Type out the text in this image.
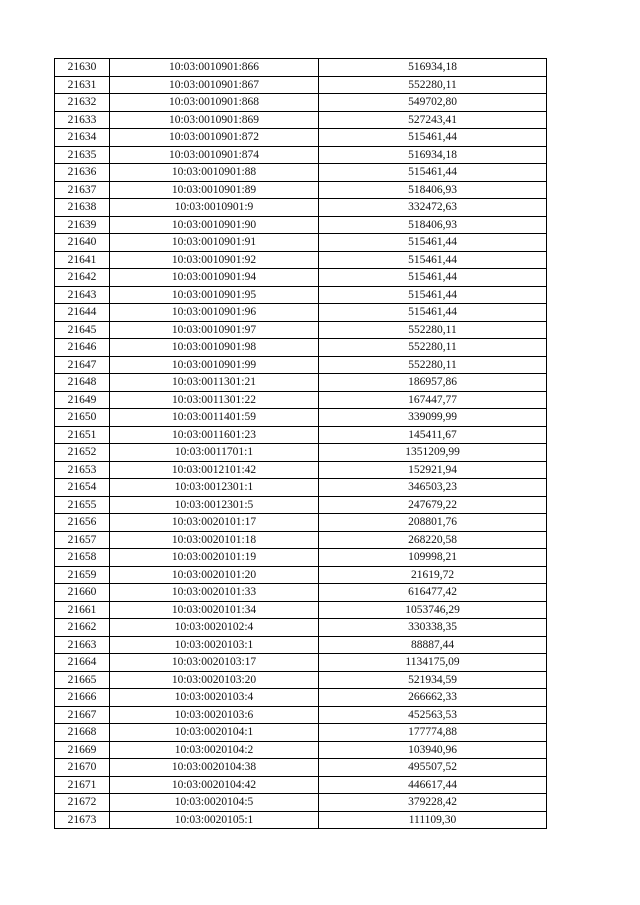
21630	10:03:0010901:866	516934,18
21631	10:03:0010901:867	552280,11
21632	10:03:0010901:868	549702,80
21633	10:03:0010901:869	527243,41
21634	10:03:0010901:872	515461,44
21635	10:03:0010901:874	516934,18
21636	10:03:0010901:88	515461,44
21637	10:03:0010901:89	518406,93
21638	10:03:0010901:9	332472,63
21639	10:03:0010901:90	518406,93
21640	10:03:0010901:91	515461,44
21641	10:03:0010901:92	515461,44
21642	10:03:0010901:94	515461,44
21643	10:03:0010901:95	515461,44
21644	10:03:0010901:96	515461,44
21645	10:03:0010901:97	552280,11
21646	10:03:0010901:98	552280,11
21647	10:03:0010901:99	552280,11
21648	10:03:0011301:21	186957,86
21649	10:03:0011301:22	167447,77
21650	10:03:0011401:59	339099,99
21651	10:03:0011601:23	145411,67
21652	10:03:0011701:1	1351209,99
21653	10:03:0012101:42	152921,94
21654	10:03:0012301:1	346503,23
21655	10:03:0012301:5	247679,22
21656	10:03:0020101:17	208801,76
21657	10:03:0020101:18	268220,58
21658	10:03:0020101:19	109998,21
21659	10:03:0020101:20	21619,72
21660	10:03:0020101:33	616477,42
21661	10:03:0020101:34	1053746,29
21662	10:03:0020102:4	330338,35
21663	10:03:0020103:1	88887,44
21664	10:03:0020103:17	1134175,09
21665	10:03:0020103:20	521934,59
21666	10:03:0020103:4	266662,33
21667	10:03:0020103:6	452563,53
21668	10:03:0020104:1	177774,88
21669	10:03:0020104:2	103940,96
21670	10:03:0020104:38	495507,52
21671	10:03:0020104:42	446617,44
21672	10:03:0020104:5	379228,42
21673	10:03:0020105:1	111109,30
